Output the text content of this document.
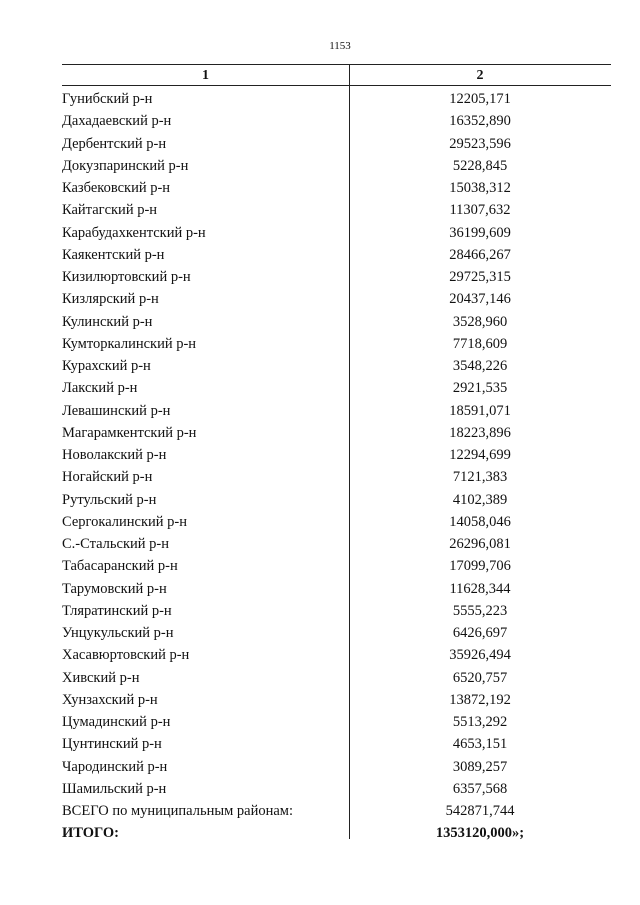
1153
1	2
Гунибский р-н	12205,171
Дахадаевский р-н	16352,890
Дербентский р-н	29523,596
Докузпаринский р-н	5228,845
Казбековский р-н	15038,312
Кайтагский р-н	11307,632
Карабудахкентский р-н	36199,609
Каякентский р-н	28466,267
Кизилюртовский р-н	29725,315
Кизлярский р-н	20437,146
Кулинский р-н	3528,960
Кумторкалинский р-н	7718,609
Курахский р-н	3548,226
Лакский р-н	2921,535
Левашинский р-н	18591,071
Магарамкентский р-н	18223,896
Новолакский р-н	12294,699
Ногайский р-н	7121,383
Рутульский р-н	4102,389
Сергокалинский р-н	14058,046
С.-Стальский р-н	26296,081
Табасаранский р-н	17099,706
Тарумовский р-н	11628,344
Тляратинский р-н	5555,223
Унцукульский р-н	6426,697
Хасавюртовский р-н	35926,494
Хивский р-н	6520,757
Хунзахский р-н	13872,192
Цумадинский р-н	5513,292
Цунтинский р-н	4653,151
Чародинский р-н	3089,257
Шамильский р-н	6357,568
ВСЕГО по муниципальным районам:	542871,744
ИТОГО:	1353120,000»;
